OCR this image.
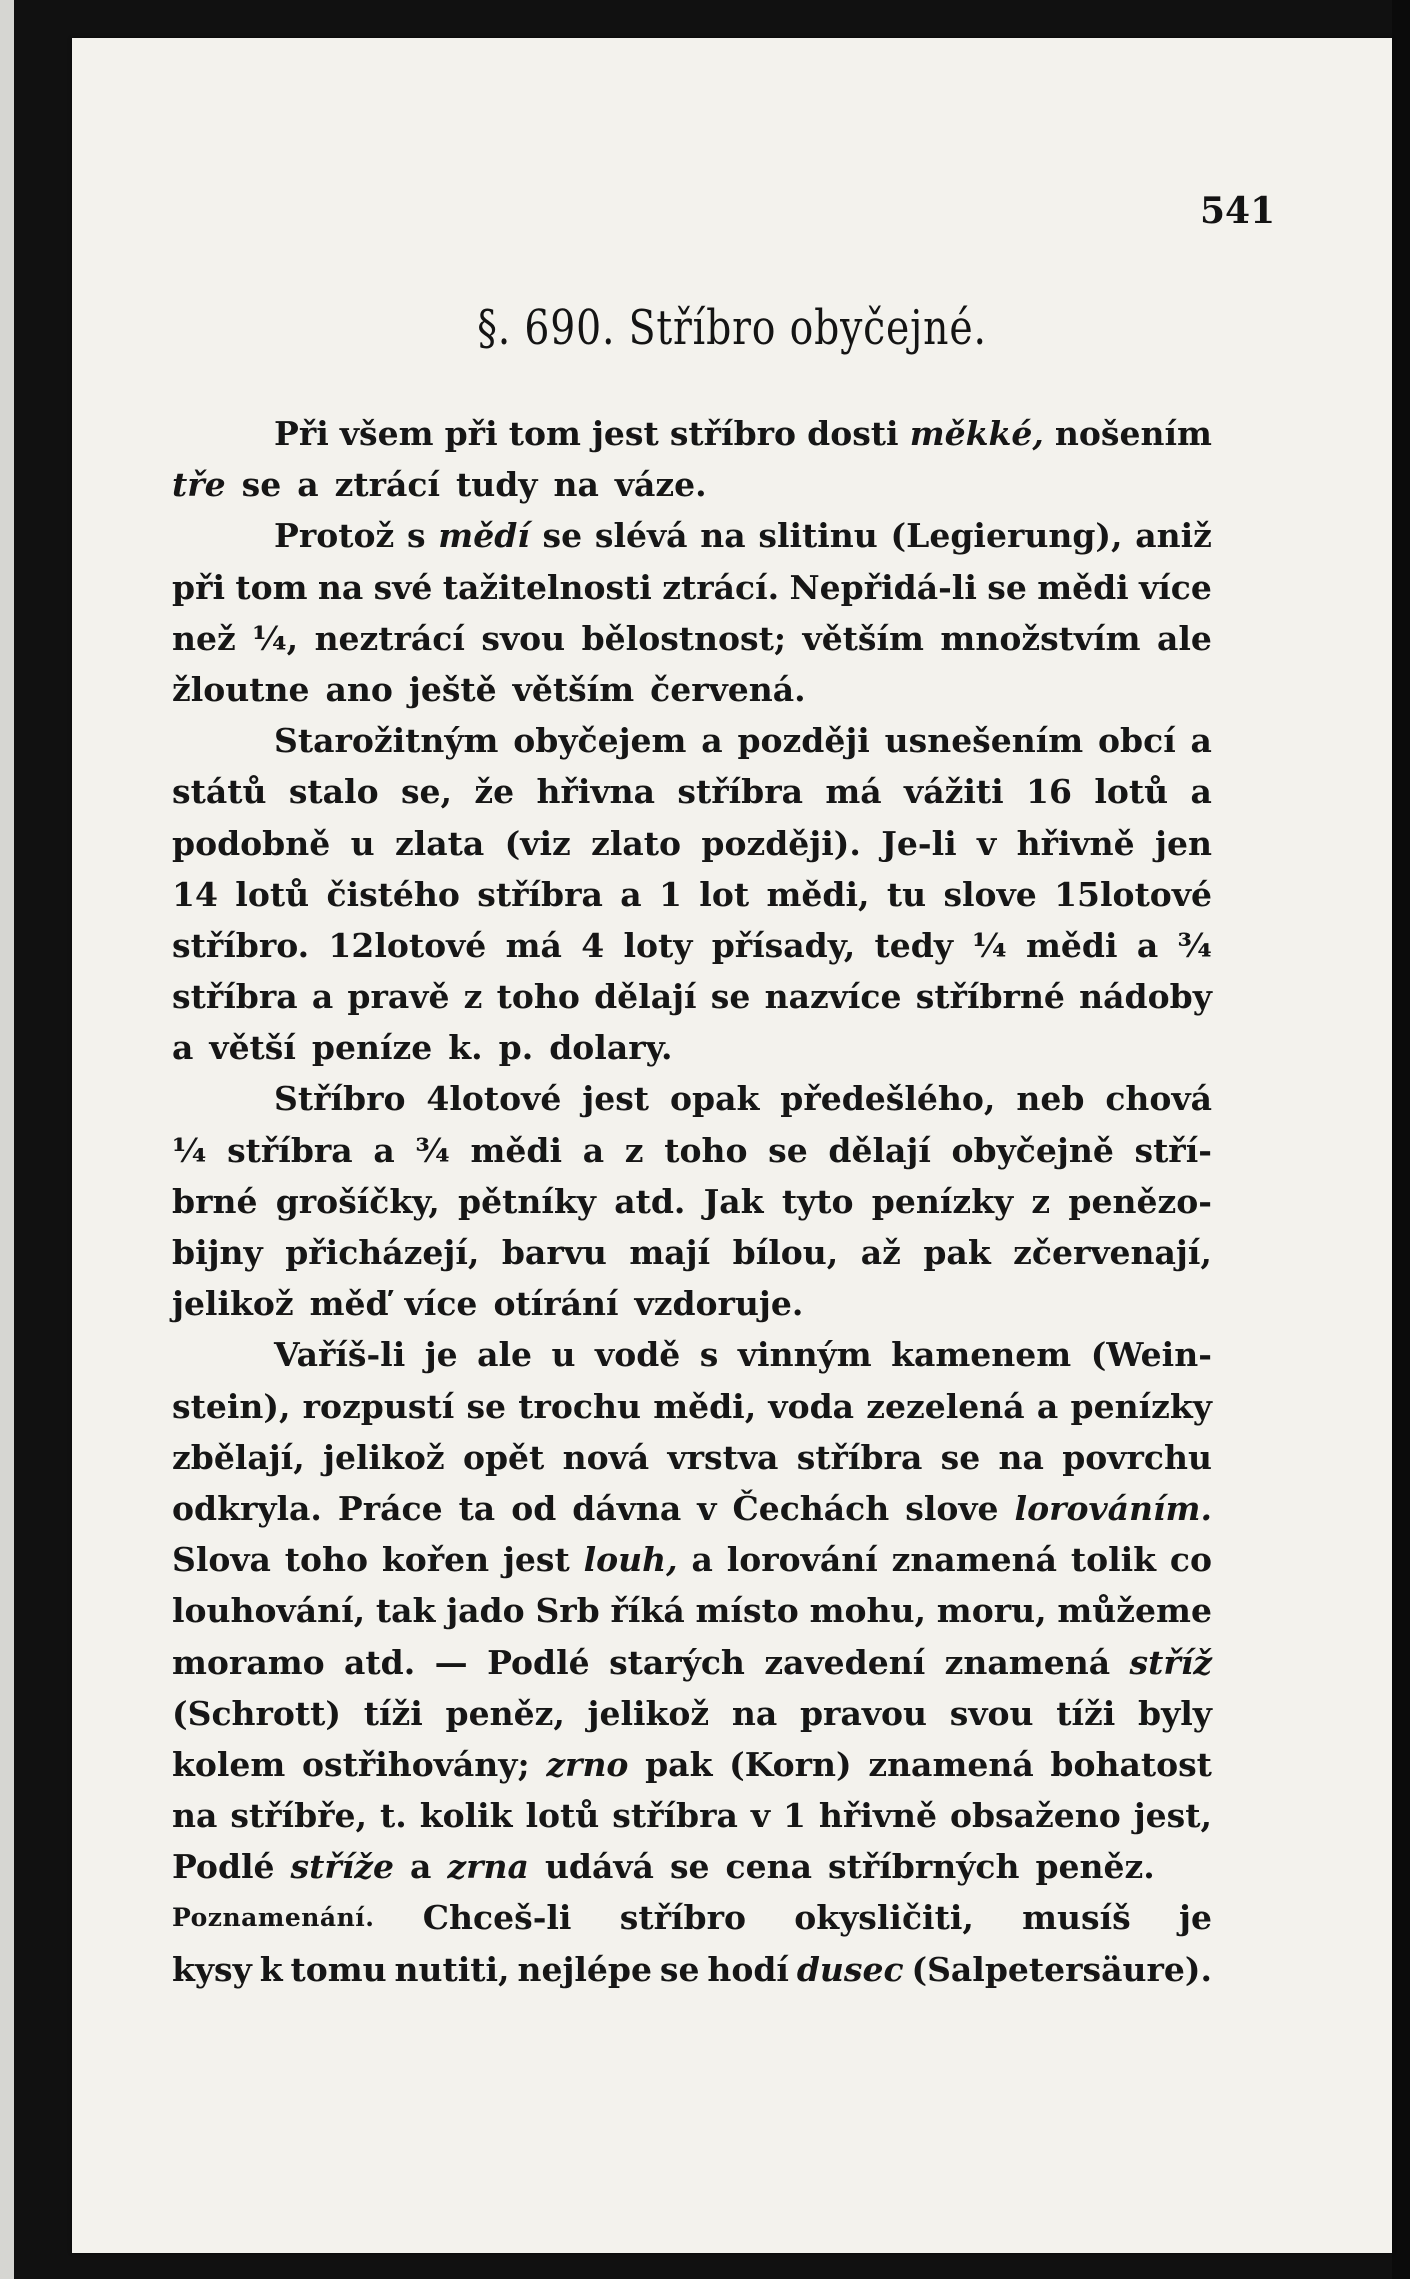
541
§. 690. Stříbro obyčejné.
Při všem při tom jest stříbro dosti měkké, nošením
tře se a ztrácí tudy na váze.
Protož s mědí se slévá na slitinu (Legierung), aniž
při tom na své tažitelnosti ztrácí. Nepřidá-li se mědi více
než ¼, neztrácí svou bělostnost; větším množstvím ale
žloutne ano ještě větším červená.
Starožitným obyčejem a později usnešením obcí a
států stalo se, že hřivna stříbra má vážiti 16 lotů a
podobně u zlata (viz zlato později). Je-li v hřivně jen
14 lotů čistého stříbra a 1 lot mědi, tu slove 15lotové
stříbro. 12lotové má 4 loty přísady, tedy ¼ mědi a ¾
stříbra a pravě z toho dělají se nazvíce stříbrné nádoby
a větší peníze k. p. dolary.
Stříbro 4lotové jest opak předešlého, neb chová
¼ stříbra a ¾ mědi a z toho se dělají obyčejně stří-
brné grošíčky, pětníky atd. Jak tyto penízky z penězo-
bijny přicházejí, barvu mají bílou, až pak zčervenají,
jelikož měď více otírání vzdoruje.
Vaříš-li je ale u vodě s vinným kamenem (Wein-
stein), rozpustí se trochu mědi, voda zezelená a penízky
zbělají, jelikož opět nová vrstva stříbra se na povrchu
odkryla. Práce ta od dávna v Čechách slove lorováním.
Slova toho kořen jest louh, a lorování znamená tolik co
louhování, tak jado Srb říká místo mohu, moru, můžeme
moramo atd. — Podlé starých zavedení znamená stříž
(Schrott) tíži peněz, jelikož na pravou svou tíži byly
kolem ostřihovány; zrno pak (Korn) znamená bohatost
na stříbře, t. kolik lotů stříbra v 1 hřivně obsaženo jest,
Podlé stříže a zrna udává se cena stříbrných peněz.
Poznamenání. Chceš-li stříbro okysličiti, musíš je
kysy k tomu nutiti, nejlépe se hodí dusec (Salpetersäure).
